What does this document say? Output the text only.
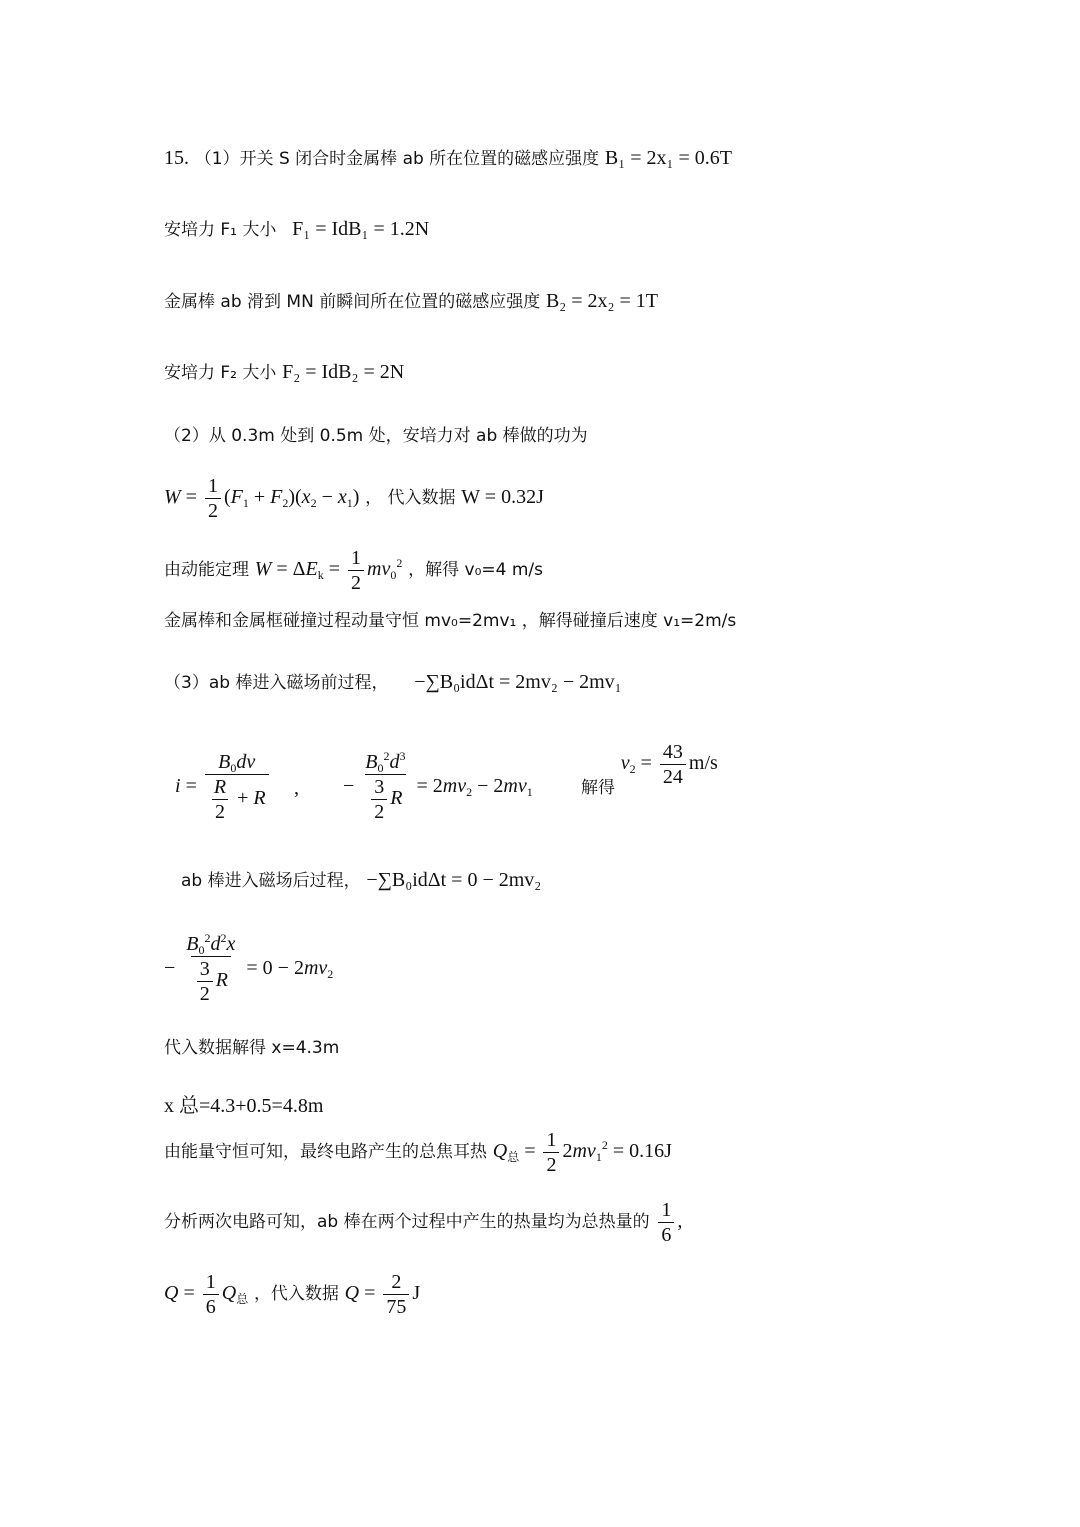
15. （1）开关 S 闭合时金属棒 ab 所在位置的磁感应强度 B₁ = 2x₁ = 0.6T
安培力 F₁ 大小 F₁ = IdB₁ = 1.2N
金属棒 ab 滑到 MN 前瞬间所在位置的磁感应强度 B₂ = 2x₂ = 1T
安培力 F₂ 大小 F₂ = IdB₂ = 2N
（2）从 0.3m 处到 0.5m 处，安培力对 ab 棒做的功为
$W = \frac{1}{2} (F_1 + F_2)(x_2 - x_1)$ ， 代入数据 W = 0.32J
由动能定理 $W = \Delta E_k = \frac{1}{2} mv_0^2$ ，解得 v₀=4 m/s
金属棒和金属框碰撞过程动量守恒 mv₀=2mv₁ ，解得碰撞后速度 v₁=2m/s
（3）ab 棒进入磁场前过程， −∑B₀idΔt = 2mv₂ − 2mv₁
$i = \frac{B_0dv}{\frac{R}{2} + R}$ , − $\frac{B_0^2d^3}{\frac{3}{2} R} = 2mv_2 - 2mv_1$	解得 $v_2 = \frac{43}{24} m/s$
ab 棒进入磁场后过程， −∑B₀idΔt = 0 − 2mv₂
− $\frac{B_0^2d^2x}{\frac{3}{2} R} = 0 - 2mv_2$
代入数据解得 x=4.3m
x 总=4.3+0.5=4.8m
由能量守恒可知，最终电路产生的总焦耳热 $Q_总 = \frac{1}{2} 2mv_1^2 = 0.16J$
分析两次电路可知，ab 棒在两个过程中产生的热量均为总热量的 $\frac{1}{6}$ ,
$Q = \frac{1}{6} Q_总$ ，代入数据 $Q = \frac{2}{75}$ J
